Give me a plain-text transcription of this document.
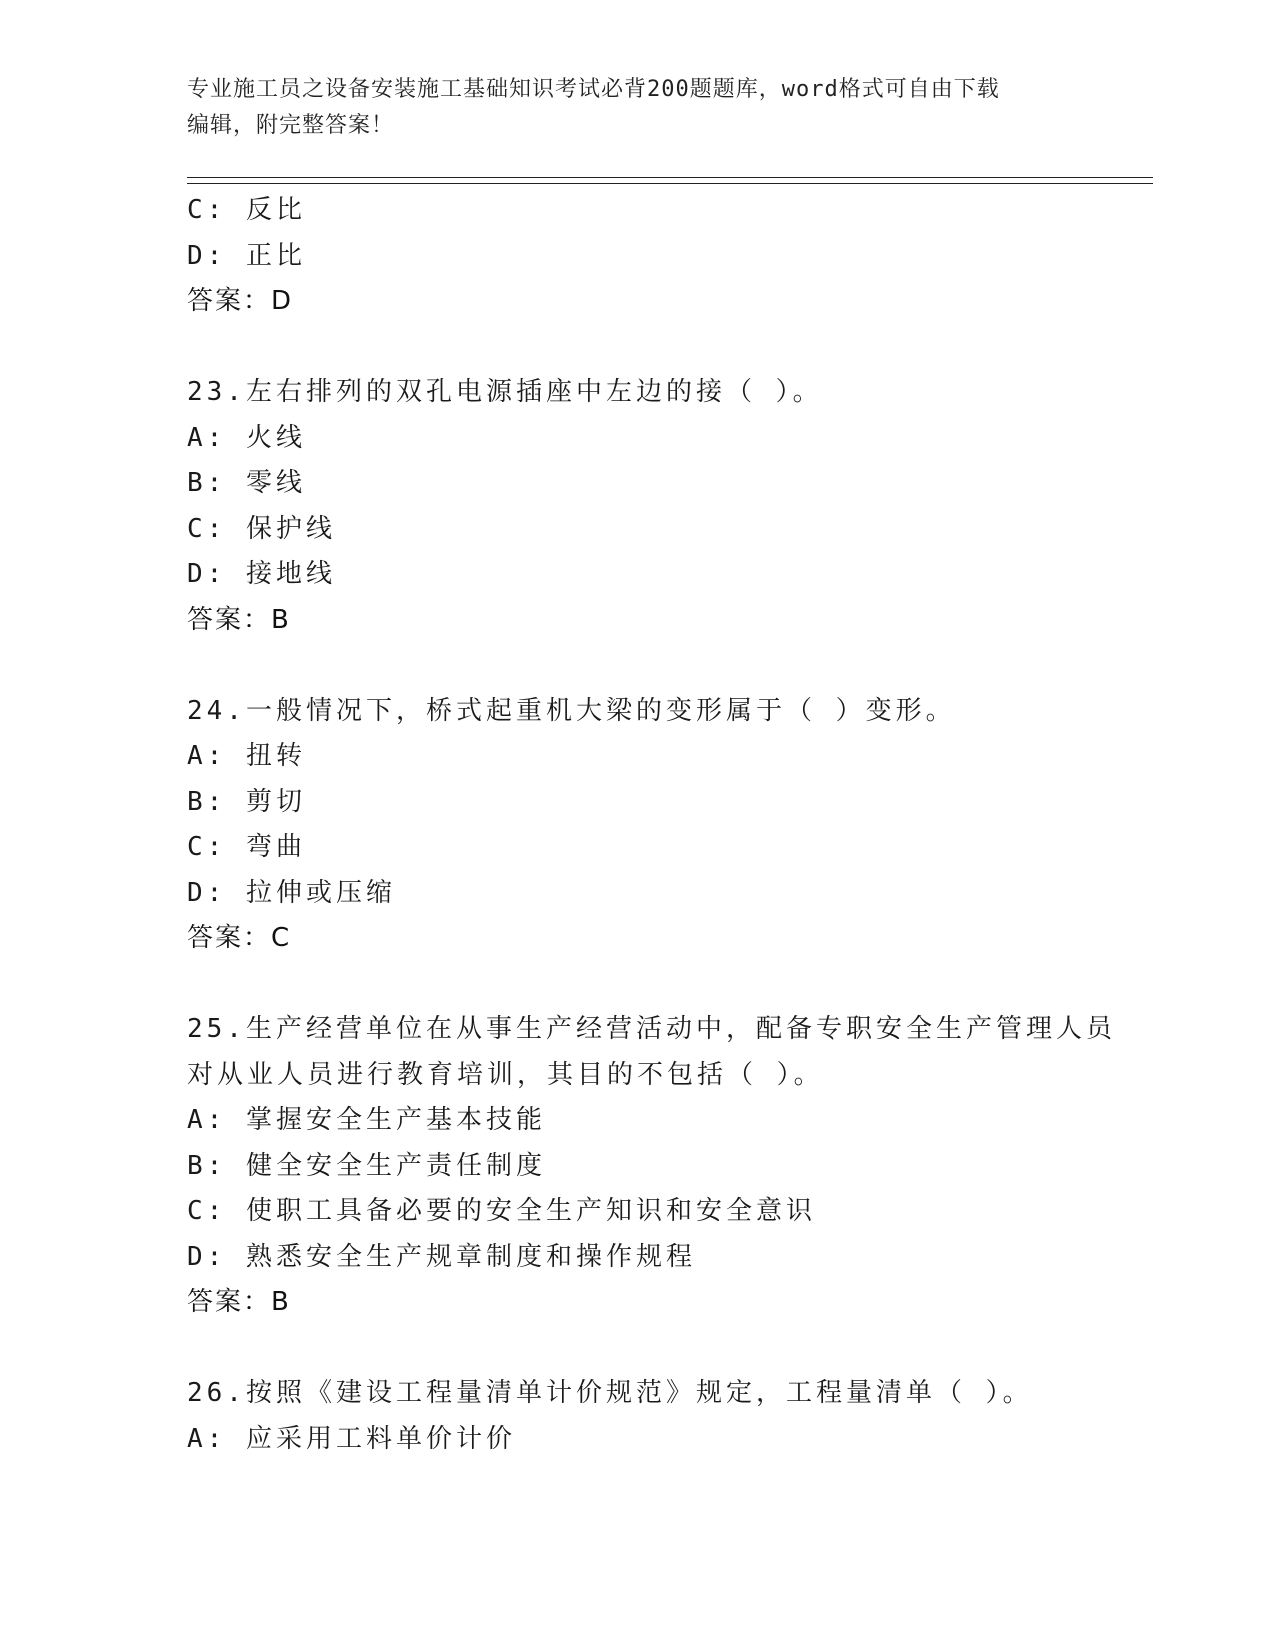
专业施工员之设备安装施工基础知识考试必背200题题库，word格式可自由下载
编辑，附完整答案！
C: 反比
D: 正比
答案：D
23.左右排列的双孔电源插座中左边的接（ ）。
A: 火线
B: 零线
C: 保护线
D: 接地线
答案：B
24.一般情况下，桥式起重机大梁的变形属于（ ）变形。
A: 扭转
B: 剪切
C: 弯曲
D: 拉伸或压缩
答案：C
25.生产经营单位在从事生产经营活动中，配备专职安全生产管理人员
对从业人员进行教育培训，其目的不包括（ ）。
A: 掌握安全生产基本技能
B: 健全安全生产责任制度
C: 使职工具备必要的安全生产知识和安全意识
D: 熟悉安全生产规章制度和操作规程
答案：B
26.按照《建设工程量清单计价规范》规定，工程量清单（ ）。
A: 应采用工料单价计价
